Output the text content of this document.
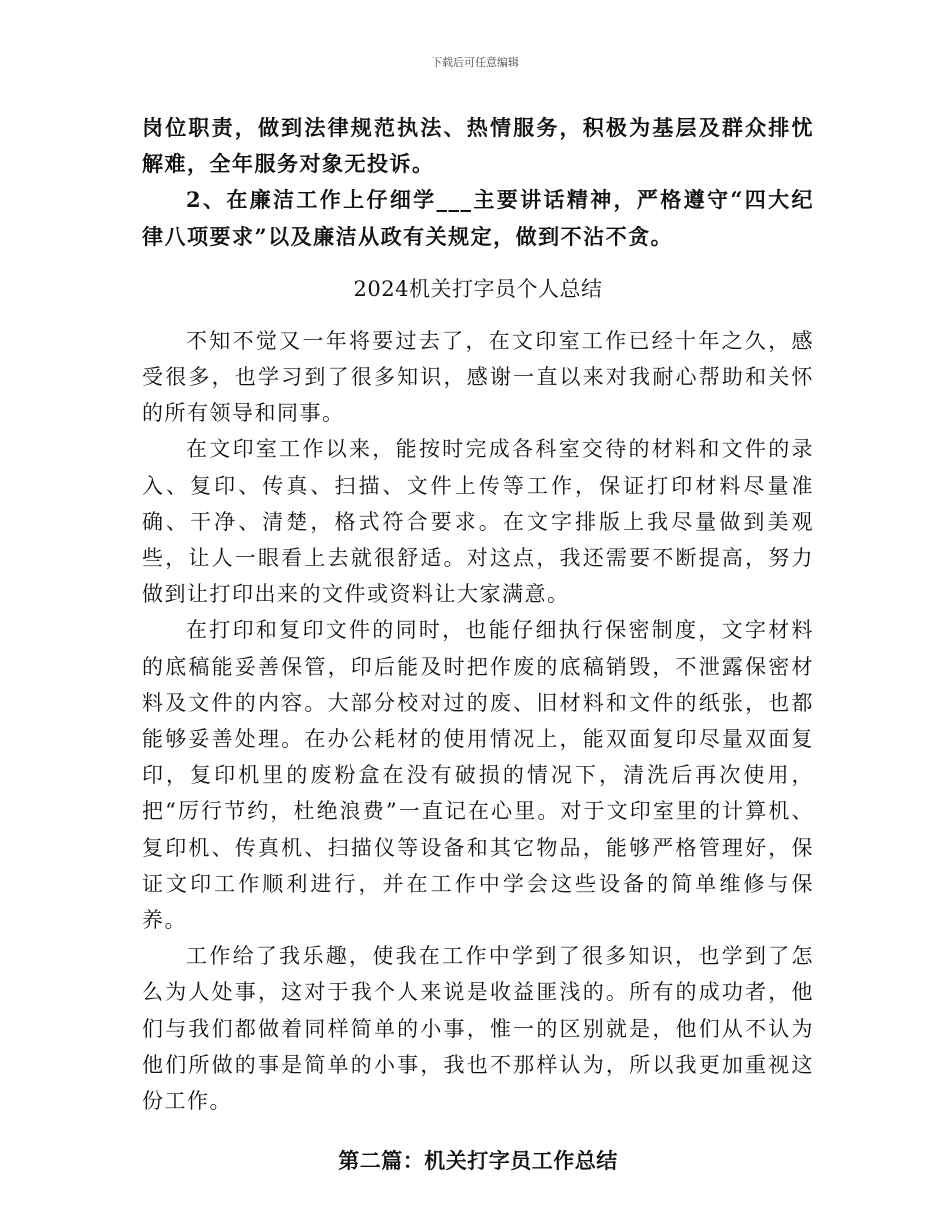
下载后可任意编辑

岗位职责，做到法律规范执法、热情服务，积极为基层及群众排忧解难，全年服务对象无投诉。

2、在廉洁工作上仔细学___主要讲话精神，严格遵守“四大纪律八项要求”以及廉洁从政有关规定，做到不沾不贪。

2024机关打字员个人总结

不知不觉又一年将要过去了，在文印室工作已经十年之久，感受很多，也学习到了很多知识，感谢一直以来对我耐心帮助和关怀的所有领导和同事。

在文印室工作以来，能按时完成各科室交待的材料和文件的录入、复印、传真、扫描、文件上传等工作，保证打印材料尽量准确、干净、清楚，格式符合要求。在文字排版上我尽量做到美观些，让人一眼看上去就很舒适。对这点，我还需要不断提高，努力做到让打印出来的文件或资料让大家满意。

在打印和复印文件的同时，也能仔细执行保密制度，文字材料的底稿能妥善保管，印后能及时把作废的底稿销毁，不泄露保密材料及文件的内容。大部分校对过的废、旧材料和文件的纸张，也都能够妥善处理。在办公耗材的使用情况上，能双面复印尽量双面复印，复印机里的废粉盒在没有破损的情况下，清洗后再次使用，把“厉行节约，杜绝浪费”一直记在心里。对于文印室里的计算机、复印机、传真机、扫描仪等设备和其它物品，能够严格管理好，保证文印工作顺利进行，并在工作中学会这些设备的简单维修与保养。

工作给了我乐趣，使我在工作中学到了很多知识，也学到了怎么为人处事，这对于我个人来说是收益匪浅的。所有的成功者，他们与我们都做着同样简单的小事，惟一的区别就是，他们从不认为他们所做的事是简单的小事，我也不那样认为，所以我更加重视这份工作。

第二篇：机关打字员工作总结
